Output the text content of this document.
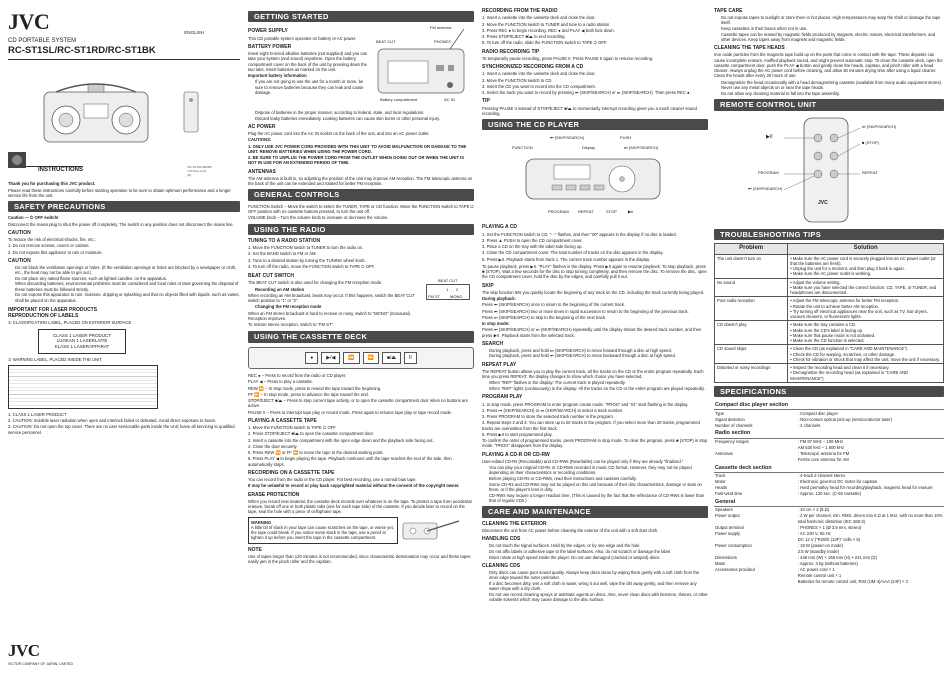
JVC	ENGLISH
CD PORTABLE SYSTEM
RC-ST1SL/RC-ST1RD/RC-ST1BK
INSTRUCTIONS	RC-ST1SL/RD/BK
LVT0xxx-xxxA
[E]

Thank you for purchasing this JVC product.

Please read these instructions carefully before starting operation to be sure to obtain optimum performance and a longer service life from the unit.

SAFETY PRECAUTIONS

Caution — ⏻ OFF switch!

Disconnect the mains plug to shut the power off completely. The switch in any position does not disconnect the mains line.

CAUTION

To reduce the risk of electrical shocks, fire, etc.:

1. Do not remove screws, covers or cabinet.

2. Do not expose this appliance to rain or moisture.

CAUTION
• Do not block the ventilation openings or holes. (If the ventilation openings or holes are blocked by a newspaper or cloth, etc., the heat may not be able to get out.)
• Do not place any naked flame sources, such as lighted candles, on the apparatus.
• When discarding batteries, environmental problems must be considered and local rules or laws governing the disposal of these batteries must be followed strictly.
• Do not expose this apparatus to rain, moisture, dripping or splashing and that no objects filled with liquids, such as vases, shall be placed on the apparatus.
IMPORTANT FOR LASER PRODUCTS
REPRODUCTION OF LABELS

① CLASSIFICATION LABEL, PLACED ON EXTERIOR SURFACE

CLASS 1 LASER PRODUCT
LUOKAN 1 LASERLAITE
KLASS 1 LASERAPPARAT

② WARNING LABEL, PLACED INSIDE THE UNIT

1. CLASS 1 LASER PRODUCT

2. CAUTION: Invisible laser radiation when open and interlock failed or defeated. Avoid direct exposure to beam.

3. CAUTION: Do not open the top cover. There are no user serviceable parts inside the Unit; leave all servicing to qualified service personnel.

JVC
VICTOR COMPANY OF JAPAN, LIMITED
GETTING STARTED
POWER SUPPLY

This CD portable system operates on battery or AC power.

BATTERY POWER

Insert eight D-sized alkaline batteries (not supplied) and you can take your system (and sound) anywhere. Open the battery compartment cover on the back of the unit by pressing down the two tabs. Insert batteries as marked on the unit.

Important battery information

• If you are not going to use the unit for a month or more, be sure to remove batteries because they can leak and cause damage.
FM antenna
BEAT CUT	PHONES
Battery compartment	AC IN
• Dispose of batteries in the proper manner, according to federal, state, and local regulations.
• Discard leaky batteries immediately. Leaking batteries can cause skin burns or other personal injury.
AC POWER

Plug the AC power cord into the AC IN socket on the back of the unit, and into an AC power outlet.

CAUTIONS:

1. ONLY USE JVC POWER CORD PROVIDED WITH THIS UNIT TO AVOID MALFUNCTION OR DAMAGE TO THE UNIT. REMOVE BATTERIES WHEN USING THE POWER CORD.

2. BE SURE TO UNPLUG THE POWER CORD FROM THE OUTLET WHEN GOING OUT OR WHEN THE UNIT IS NOT IN USE FOR AN EXTENDED PERIOD OF TIME.

ANTENNAS

The AM antenna is built in, so adjusting the position of the unit may improve AM reception. The FM telescopic antenna on the back of the unit can be extended and rotated for better FM reception.

GENERAL CONTROLS

FUNCTION Switch – Move the switch to select the TUNER, TAPE or CD function. Move the FUNCTION switch to TAPE ⏻ OFF position with no cassette buttons pressed, to turn the unit off.

VOLUME knob – Turn the volume knob to increase or decrease the volume.

USING THE RADIO
TUNING TO A RADIO STATION

1. Move the FUNCTION switch to TUNER to turn the radio on.

2. Set the BAND switch to FM or AM.

3. Tune to a desired station by turning the TUNING wheel knob.

4. To turn off the radio, move the FUNCTION switch to TAPE ⏻ OFF.

BEAT CUT SWITCH

The BEAT CUT switch is also used for changing the FM reception mode.

• Recording an AM station

When recording an AM broadcast, beats may occur. If this happens, switch the BEAT CUT switch position to “1” or “2”.

• Changing the FM reception mode

When an FM stereo broadcast is hard to receive or noisy, switch to “MONO” (monaural). Reception improves.

To restore stereo reception, switch to “FM ST”.

BEAT CUT
1 2
FM ST	MONO
USING THE CASSETTE DECK
●	▶/◀	⏪	⏩	■/⏏	II

REC ● – Press to record from the radio or CD player.

PLAY ◀ – Press to play a cassette.

REW ⏪ – In stop mode, press to rewind the tape toward the beginning.

FF ⏩ – In stop mode, press to advance the tape toward the end.

STOP/EJECT ■/⏏ – Press to stop current tape activity, or to open the cassette compartment door when no buttons are active.

PAUSE II – Press to interrupt tape play or record mode. Press again to resume tape play or tape record mode.

PLAYING A CASSETTE TAPE

1. Move the FUNCTION switch to TAPE ⏻ OFF.

2. Press STOP/EJECT ■/⏏ to open the cassette compartment door.

3. Insert a cassette into the compartment with the open edge down and the playback side facing out.

4. Close the door securely.

5. Press REW ⏪ or FF ⏩ to move the tape to the desired starting point.

6. Press PLAY ◀ to begin playing the tape. Playback continues until the tape reaches the end of the side, then automatically stops.

RECORDING ON A CASSETTE TAPE

You can record from the radio or the CD player. For best recording, use a normal bias tape.

It may be unlawful to record or play back copyrighted material without the consent of the copyright owner.

ERASE PROTECTION

When you record new material, the cassette deck records over whatever is on the tape. To protect a tape from accidental erasure, break off one or both plastic tabs (one for each tape side) of the cassette. If you decide later to record on the tape, seal the hole with a piece of cellophane tape.

WARNING
A little bit of slack in your tape can cause scratches on the tape, or worse yet, the tape could break. If you notice some slack in the tape, use a pencil to tighten it up before you insert the tape in the cassette compartment.
NOTE

Use of tapes longer than 120 minutes is not recommended, since characteristic deterioration may occur and these tapes easily jam in the pinch roller and the capstan.

RECORDING FROM THE RADIO

1. Insert a cassette into the cassette deck and close the door.

2. Move the FUNCTION switch to TUNER and tune to a radio station.

3. Press REC ● to begin recording. REC ● and PLAY ◀ both lock down.

4. Press STOP/EJECT ■/⏏ to end recording.

5. To turn off the radio, slide the FUNCTION switch to TAPE ⏻ OFF.

RADIO RECORDING TIP

To temporarily pause recording, press PAUSE II. Press PAUSE II again to resume recording.

SYNCHRONIZED RECORDING FROM A CD

1. Insert a cassette into the cassette deck and close the door.

2. Move the FUNCTION switch to CD.

3. Insert the CD you want to record into the CD compartment.

4. Select the track you want to record by pressing ⏮ (SKIP/SEARCH) or ⏭ (SKIP/SEARCH). Then press REC ●.

TIP

Pressing PAUSE II instead of STOP/EJECT ■/⏏ to momentarily interrupt recording gives you a much cleaner sound recording.

USING THE CD PLAYER
⏮ (SKIP/SEARCH)	PUSH
FUNCTION	Display	⏭ (SKIP/SEARCH)
PROGRAM REPEAT	STOP	▶II
PLAYING A CD

1. Set the FUNCTION switch to CD. “- -” flashes, and then “00” appears in the display if no disc is loaded.

2. Press ▲ PUSH to open the CD compartment cover.

3. Place a CD on the tray with the label side facing up.

4. Close the CD compartment cover. The total number of tracks on the disc appears in the display.

5. Press ▶II. Playback starts from track 1. The current track number appears in the display.

To pause playback, press ▶II. “PLAY” flashes in the display. Press ▶II again to resume playback. To stop playback, press ■ (STOP). Wait a few seconds for the disc to stop turning completely, and then remove the disc. To remove the disc, open the CD compartment cover, hold the disc by the edges, and carefully pull it out.

SKIP

The skip function lets you quickly locate the beginning of any track on the CD, including the track currently being played.

During playback:

Press ⏮ (SKIP/SEARCH) once to return to the beginning of the current track.

Press ⏮ (SKIP/SEARCH) two or more times in rapid succession to return to the beginning of the previous track.

Press ⏭ (SKIP/SEARCH) to skip to the beginning of the next track.

In stop mode:

Press ⏮ (SKIP/SEARCH) or ⏭ (SKIP/SEARCH) repeatedly until the display shows the desired track number, and then press ▶II. Playback starts from the selected track.

SEARCH
• During playback, press and hold ⏭ (SKIP/SEARCH) to move forward through a disc at high speed.
• During playback, press and hold ⏮ (SKIP/SEARCH) to move backward through a disc at high speed.
REPEAT PLAY

The REPEAT button allows you to play the current track, all the tracks on the CD or the entire program repeatedly. Each time you press REPEAT, the display changes to show which choice you have selected.

• When “REP” flashes in the display: The current track is played repeatedly.
• When “REP” lights (continuously) in the display: All the tracks on the CD or the entire program are played repeatedly.
PROGRAM PLAY

1. In stop mode, press PROGRAM to enter program create mode. “PROG” and “01” start flashing in the display.

2. Press ⏮ (SKIP/SEARCH) or ⏭ (SKIP/SEARCH) to select a track number.

3. Press PROGRAM to store the selected track number in the program.

4. Repeat steps 2 and 3. You can store up to 20 tracks in the program. If you select more than 20 tracks, programmed tracks are overwritten from the first track.

5. Press ▶II to start programmed play.

To confirm the order of programmed tracks, press PROGRAM in stop mode. To clear the program, press ■ (STOP) in stop mode. “PROG” disappears from the display.

PLAYING A CD-R OR CD-RW

User-edited CD-Rs (Recordable) and CD-RWs (Rewritable) can be played only if they are already “finalized.”

• You can play your original CD-Rs or CD-RWs recorded in music CD format. However, they may not be played depending on their characteristics or recording conditions.
• Before playing CD-Rs or CD-RWs, read their instructions and cautions carefully.
• Some CD-Rs and CD-RWs may not be played on this unit because of their disc characteristics, damage or stain on them, or if the player’s lens is dirty.
• CD-RWs may require a longer readout time. (This is caused by the fact that the reflectance of CD-RWs is lower than that of regular CDs.)
CARE AND MAINTENANCE
CLEANING THE EXTERIOR

Disconnect the unit from AC power before cleaning the exterior of the unit with a soft dust cloth.

HANDLING CDS
• Do not touch the signal surfaces. Hold by the edges, or by one edge and the hole.
• Do not affix labels or adhesive tape to the label surfaces. Also, do not scratch or damage the label.
• Discs rotate at high speed inside the player. Do not use damaged (cracked or warped) discs.
CLEANING CDS
• Dirty discs can cause poor sound quality. Always keep discs clean by wiping them gently with a soft cloth from the inner edge toward the outer perimeter.
• If a disc becomes dirty, wet a soft cloth in water, wring it out well, wipe the dirt away gently, and then remove any water drops with a dry cloth.
• Do not use record cleaning sprays or antistatic agents on discs. Also, never clean discs with benzene, thinner, or other volatile solvents which may cause damage to the disc surface.
TAPE CARE
• Do not expose tapes to sunlight or store them in hot places. High temperatures may warp the shell or damage the tape itself.
• Keep cassettes in their boxes when not in use.
• Cassette tapes can be erased by magnetic fields produced by magnets, electric motors, electrical transformers, and other devices. Keep tapes away from magnets and magnetic fields.
CLEANING THE TAPE HEADS

Iron oxide particles from the magnetic tape build up on the parts that come in contact with the tape. These deposits can cause incomplete erasure, muffled playback sound, and might prevent automatic stop. To clean the cassette deck, open the cassette compartment door, push the PLAY ◀ button and gently clean the heads, capstan, and pinch roller with a head cleaner. Always unplug the AC power cord before cleaning, and allow 30 minutes drying time after using a liquid cleaner. Clean the heads after every 20 hours of use.

• Demagnetize the head occasionally with a head demagnetizing cassette (available from many audio equipment stores).
• Never use any metal objects on or near the tape heads.
• Do not allow any cleaning material to fall into the tape assembly.
REMOTE CONTROL UNIT
▶II
⏭ (SKIP/SEARCH)
■ (STOP)
PROGRAM	REPEAT
⏮ (SKIP/SEARCH)
JVC
TROUBLESHOOTING TIPS
Problem	Solution
The unit doesn’t turn on	• Make sure the AC power cord is securely plugged into an AC power outlet (or that the batteries are fresh).
• Unplug the unit for a moment, and then plug it back in again.
• Make sure the AC power outlet is working.
No sound	• Adjust the volume setting.
• Make sure you have selected the correct function: CD, TAPE, or TUNER, and headphones are disconnected.
Poor radio reception	• Adjust the FM telescopic antenna for better FM reception.
• Rotate the unit to achieve better AM reception.
• Try turning off electrical appliances near the unit, such as TV, hair dryers, vacuum cleaners, or fluorescent lights.
CD doesn’t play	• Make sure the tray contains a CD.
• Make sure the CD’s label is facing up.
• Make sure that pause mode is not activated.
• Make sure the CD function is selected.
CD sound skips	• Clean the CD (as explained in “CARE AND MAINTENANCE”).
• Check the CD for warping, scratches, or other damage.
• Check for vibration or shock that may affect the unit; move the unit if necessary.
Distorted or noisy recordings	• Inspect the recording head and clean it if necessary.
• Demagnetize the recording head (as explained in “CARE AND MAINTENANCE”).
SPECIFICATIONS
Compact disc player section	
Type	: Compact disc player
Signal detection	: Non-contact optical pick-up (semiconductor laser)
Number of channels	: 2 channels
Radio section	
Frequency ranges	: FM 87 MHz – 108 MHz
	AM 530 kHz – 1 600 kHz
Antennas	: Telescopic antenna for FM
	Ferrite core antenna for AM
Cassette deck section	
Track	: 4-track 2-channel stereo
Motor	: Electronic governor DC motor for capstan
Heads	: Hard permalloy head for recording/playback, magnetic head for erasure
Fast-wind time	: Approx. 120 sec. (C-60 cassette)
General	
Speakers	: 10 cm × 2 (8 Ω)
Power output	: 2 W per channel, min. RMS, driven into 8 Ω at 1 kHz, with no more than 10% total harmonic distortion (IEC 268-3)
Output terminal	: PHONES × 1 (Ø 3.5 mm, stereo)
Power supply	: AC 230 V, 50 Hz
	DC 12 V (“R20/D (13F)” cells × 8)
Power consumption	: 18 W (power-on mode)
	2.5 W (standby mode)
Dimensions	: 446 mm (W) × 168 mm (H) × 241 mm (D)
Mass	: Approx. 3 kg (without batteries)
Accessories provided	: AC power cord × 1
	Remote control unit × 1
	Batteries for remote control unit, R03 (UM-4)/AAA (24F) × 2
